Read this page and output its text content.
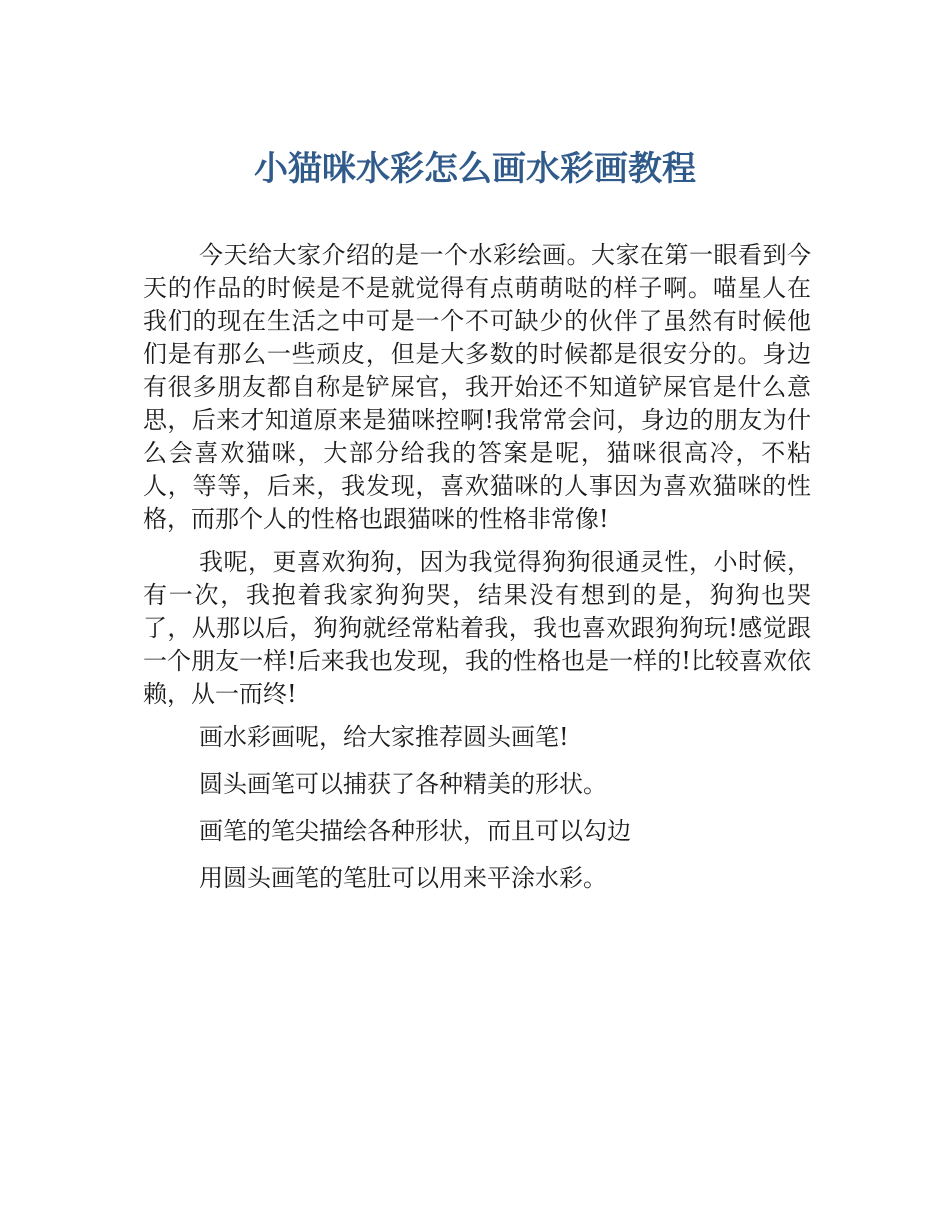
小猫咪水彩怎么画水彩画教程

今天给大家介绍的是一个水彩绘画。大家在第一眼看到今天的作品的时候是不是就觉得有点萌萌哒的样子啊。喵星人在我们的现在生活之中可是一个不可缺少的伙伴了虽然有时候他们是有那么一些顽皮，但是大多数的时候都是很安分的。身边有很多朋友都自称是铲屎官，我开始还不知道铲屎官是什么意思，后来才知道原来是猫咪控啊!我常常会问，身边的朋友为什么会喜欢猫咪，大部分给我的答案是呢，猫咪很高冷，不粘人，等等，后来，我发现，喜欢猫咪的人事因为喜欢猫咪的性格，而那个人的性格也跟猫咪的性格非常像!

我呢，更喜欢狗狗，因为我觉得狗狗很通灵性，小时候，有一次，我抱着我家狗狗哭，结果没有想到的是，狗狗也哭了，从那以后，狗狗就经常粘着我，我也喜欢跟狗狗玩!感觉跟一个朋友一样!后来我也发现，我的性格也是一样的!比较喜欢依赖，从一而终!

画水彩画呢，给大家推荐圆头画笔!

圆头画笔可以捕获了各种精美的形状。

画笔的笔尖描绘各种形状，而且可以勾边

用圆头画笔的笔肚可以用来平涂水彩。
